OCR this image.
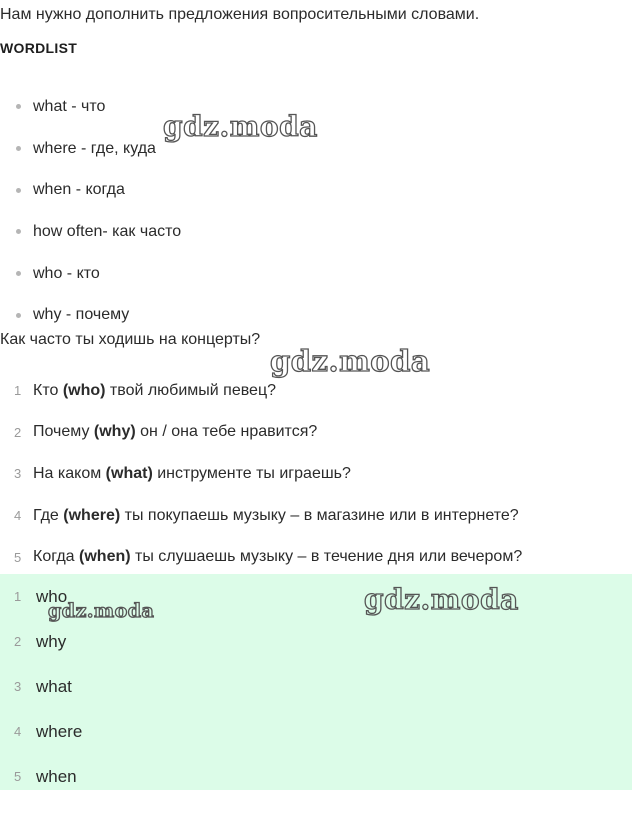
Нам нужно дополнить предложения вопросительными словами.
WORDLIST
what - что
where - где, куда
when - когда
how often- как часто
who - кто
why - почему
Как часто ты ходишь на концерты?
1 Кто (who) твой любимый певец?
2 Почему (why) он / она тебе нравится?
3 На каком (what) инструменте ты играешь?
4 Где (where) ты покупаешь музыку – в магазине или в интернете?
5 Когда (when) ты слушаешь музыку – в течение дня или вечером?
1 who
2 why
3 what
4 where
5 when
gdz.moda
gdz.moda
gdz.moda	gdz.moda
